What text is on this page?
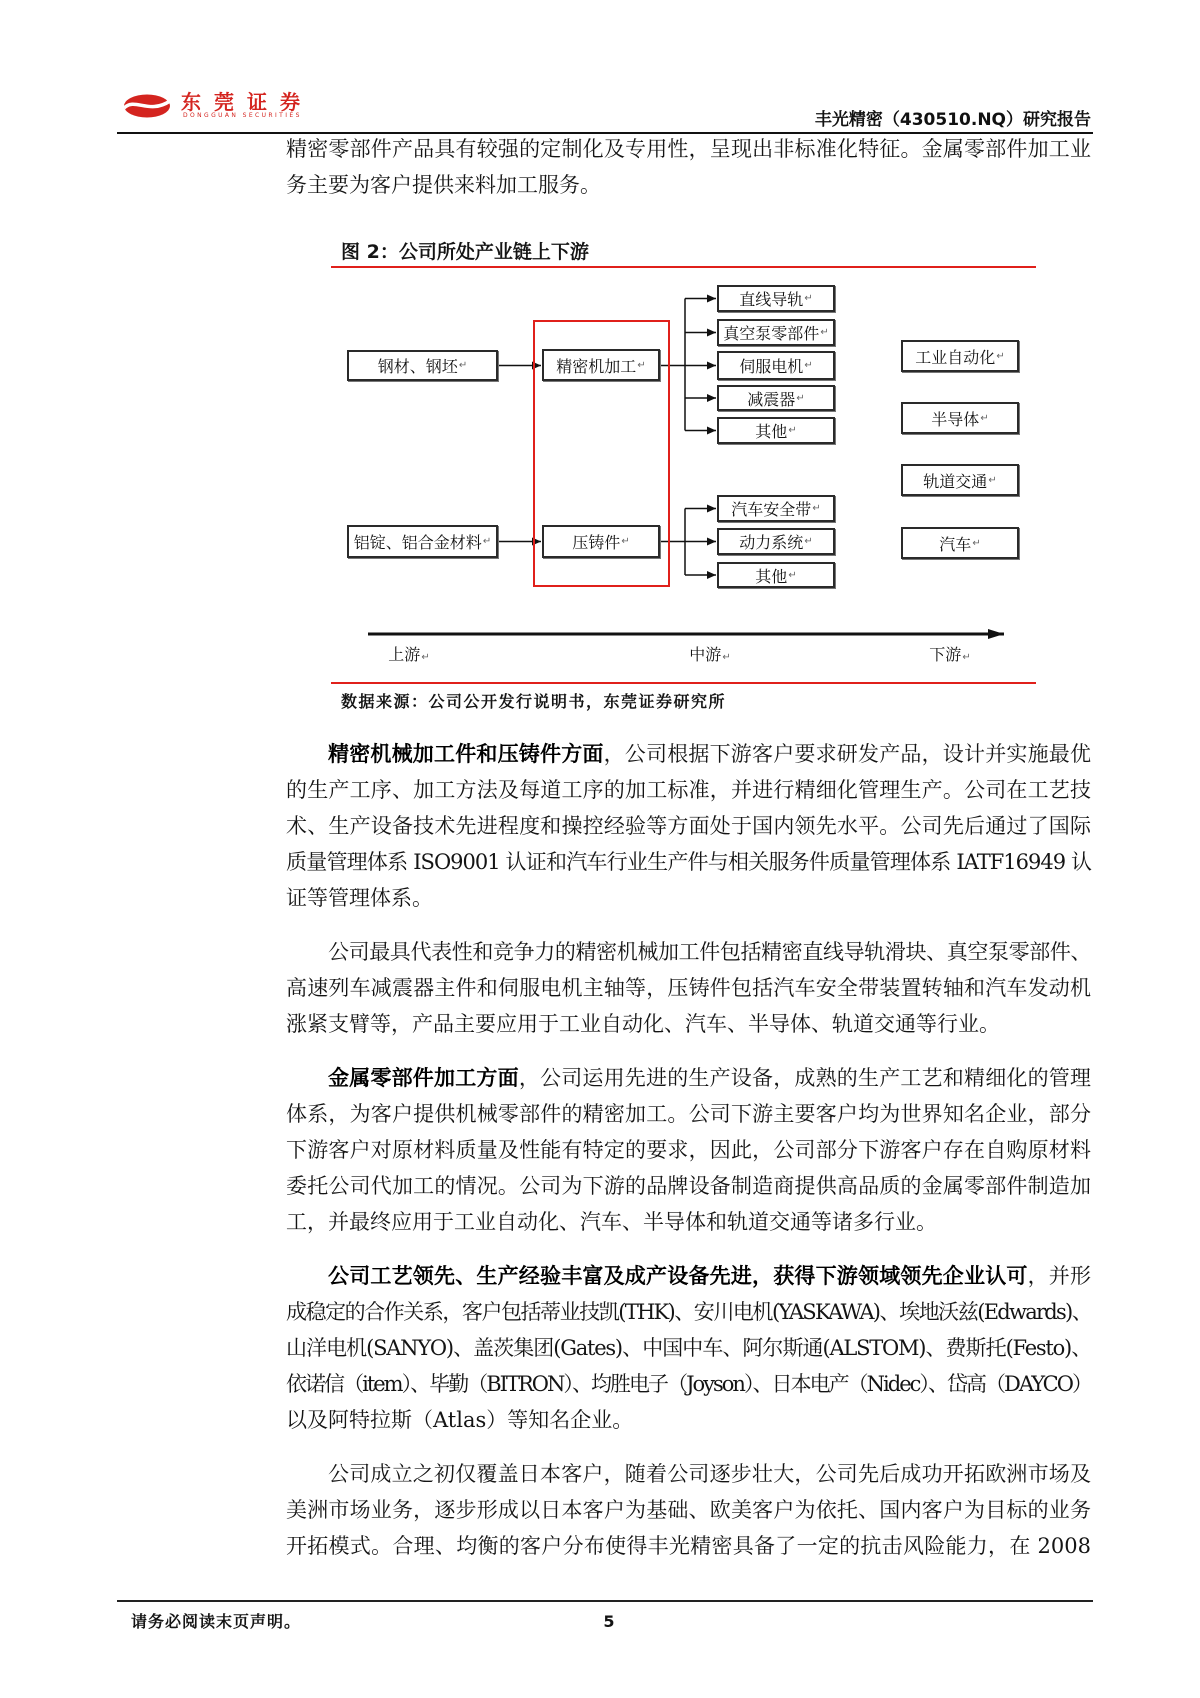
东莞证券
DONGGUAN SECURITIES	丰光精密（430510.NQ）研究报告
精密零部件产品具有较强的定制化及专用性，呈现出非标准化特征。金属零部件加工业
务主要为客户提供来料加工服务。
图 2：公司所处产业链上下游
钢材、钢坯 ↵
铝锭、铝合金材料 ↵
精密机加工 ↵
压铸件 ↵
直线导轨 ↵
真空泵零部件 ↵
伺服电机 ↵
减震器 ↵
其他 ↵
汽车安全带 ↵
动力系统 ↵
其他 ↵
工业自动化 ↵
半导体 ↵
轨道交通 ↵
汽车 ↵
上游↵	中游↵	下游↵
数据来源：公司公开发行说明书，东莞证券研究所
精密机械加工件和压铸件方面，公司根据下游客户要求研发产品，设计并实施最优
的生产工序、加工方法及每道工序的加工标准，并进行精细化管理生产。公司在工艺技
术、生产设备技术先进程度和操控经验等方面处于国内领先水平。公司先后通过了国际
质量管理体系 ISO9001 认证和汽车行业生产件与相关服务件质量管理体系 IATF16949 认
证等管理体系。
公司最具代表性和竞争力的精密机械加工件包括精密直线导轨滑块、真空泵零部件、
高速列车减震器主件和伺服电机主轴等，压铸件包括汽车安全带装置转轴和汽车发动机
涨紧支臂等，产品主要应用于工业自动化、汽车、半导体、轨道交通等行业。
金属零部件加工方面，公司运用先进的生产设备，成熟的生产工艺和精细化的管理
体系，为客户提供机械零部件的精密加工。公司下游主要客户均为世界知名企业，部分
下游客户对原材料质量及性能有特定的要求，因此，公司部分下游客户存在自购原材料
委托公司代加工的情况。公司为下游的品牌设备制造商提供高品质的金属零部件制造加
工，并最终应用于工业自动化、汽车、半导体和轨道交通等诸多行业。
公司工艺领先、生产经验丰富及成产设备先进，获得下游领域领先企业认可，并形
成稳定的合作关系，客户包括蒂业技凯(THK)、安川电机(YASKAWA)、埃地沃兹(Edwards)、
山洋电机(SANYO)、盖茨集团(Gates)、中国中车、阿尔斯通(ALSTOM)、费斯托(Festo)、
依诺信（item）、毕勤（BITRON）、均胜电子（Joyson）、日本电产（Nidec）、岱高（DAYCO）
以及阿特拉斯（Atlas）等知名企业。
公司成立之初仅覆盖日本客户，随着公司逐步壮大，公司先后成功开拓欧洲市场及
美洲市场业务，逐步形成以日本客户为基础、欧美客户为依托、国内客户为目标的业务
开拓模式。合理、均衡的客户分布使得丰光精密具备了一定的抗击风险能力，在 2008
请务必阅读末页声明。	5
